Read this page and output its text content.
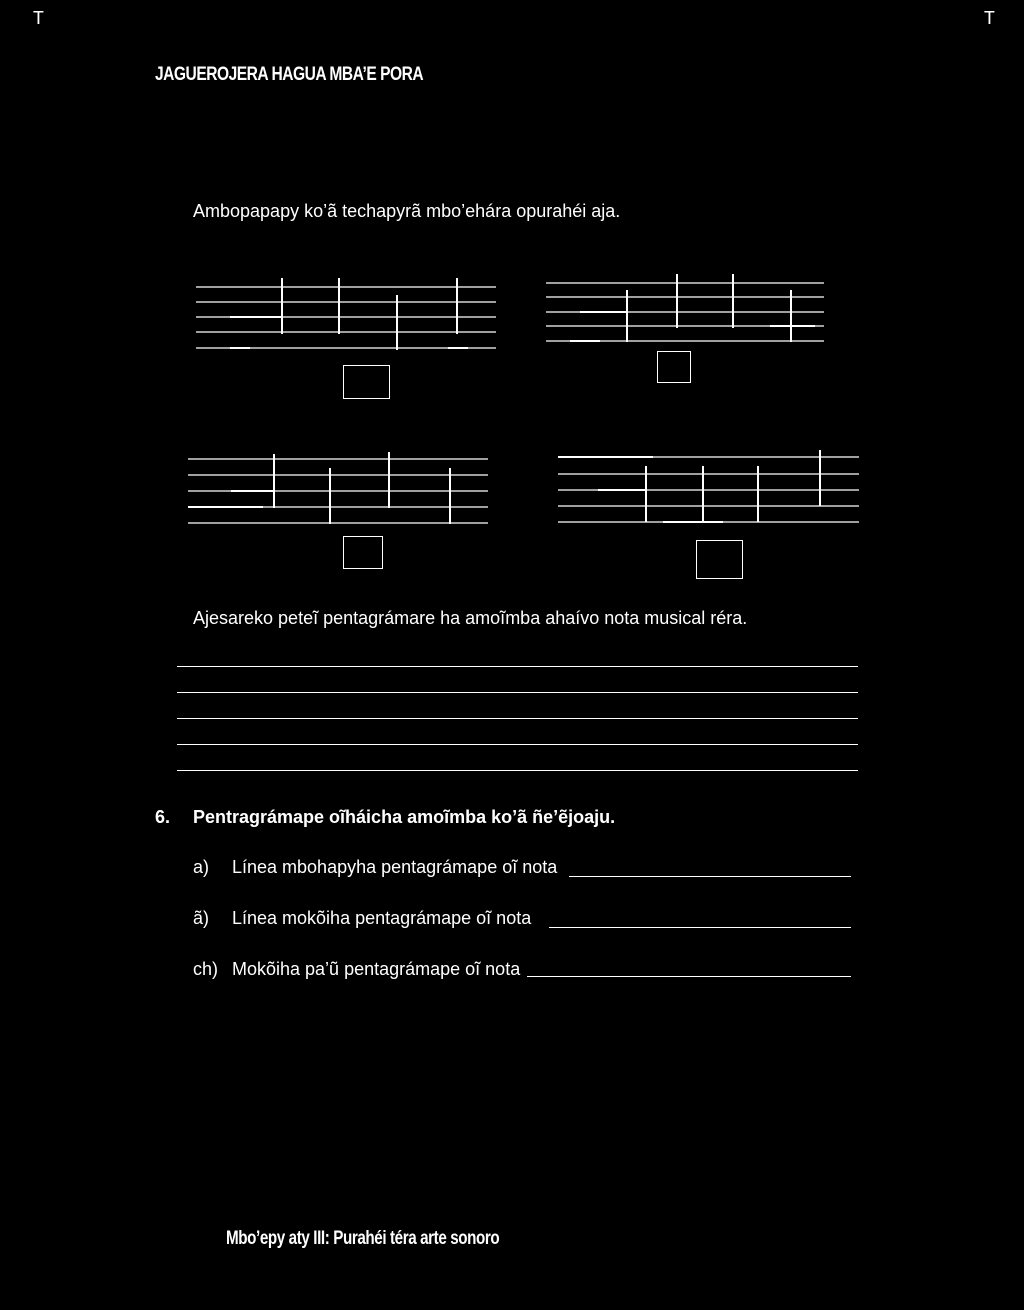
T	T
JAGUEROJERA HAGUA MBA’E PORA
Ambopapapy ko’ã techapyrã mbo’ehára opurahéi aja.
Ajesareko peteĩ pentagrámare ha amoĩmba ahaívo nota musical réra.
6. Pentragrámape oĩháicha amoĩmba ko’ã ñe’ẽjoaju.
a) Línea mbohapyha pentagrámape oĩ nota
ã) Línea mokõiha pentagrámape oĩ nota
ch) Mokõiha pa’ũ pentagrámape oĩ nota
Mbo’epy aty III: Purahéi téra arte sonoro
